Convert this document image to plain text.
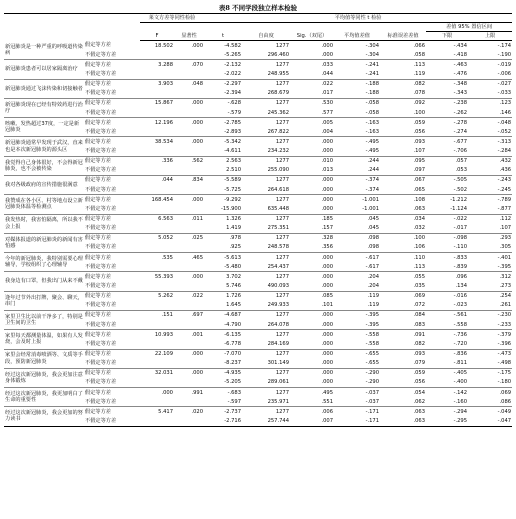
表8 不同学段独立样本检验
		莱文方差等同性检验		平均值等同性 t 检验						
									差值 95% 置信区间	
		F	显著性	t	自由度	Sig.（双尾）	平均值差值	标准误差差值	下限	上限
新冠肺炎是一种严重的呼吸道传染病	假定等方差	18.502	.000	-4.582	1277	.000	-.304	.066	-.434	-.174
	不假定等方差			-5.265	296.460	.000	-.304	.058	-.418	-.190
新冠肺炎患者可以居家隔离治疗	假定等方差	3.288	.070	-2.132	1277	.033	-.241	.113	-.463	-.019
	不假定等方差			-2.022	248.955	.044	-.241	.119	-.476	-.006
新冠肺炎通过飞沫传染和切接触者	假定等方差	3.903	.048	-2.297	1277	.022	-.188	.082	-.348	-.027
	不假定等方差			-2.394	268.679	.017	-.188	.078	-.343	-.033
新冠肺炎现在已经有特效药进行治疗	假定等方差	15.867	.000	-.628	1277	.530	-.058	.092	-.238	.123
	不假定等方差			-.579	245.362	.577	-.058	.100	-.262	.146
咳嗽、发热超过37度，一定是新冠肺炎	假定等方差	12.196	.000	-2.785	1277	.005	-.163	.059	-.278	-.048
	不假定等方差			-2.893	267.822	.004	-.163	.056	-.274	-.052
新冠肺炎通常早发现于武汉，直来也是本次新冠肺炎的源头区	假定等方差	38.534	.000	-5.342	1277	.000	-.495	.093	-.677	-.313
	不假定等方差			-4.611	234.232	.000	-.495	.107	-.706	-.284
我觉得自己身体很好，不会得新冠肺炎，也不会被传染	假定等方差	.336	.562	2.563	1277	.010	.244	.095	.057	.432
	不假定等方差			2.510	255.090	.013	.244	.097	.053	.436
我对各级政府的宣传措施很满意	假定等方差	.044	.834	-5.589	1277	.000	-.374	.067	-.505	-.243
	不假定等方差			-5.725	264.618	.000	-.374	.065	-.502	-.245
我赞成在各小区、村等地点设立新冠肺炎体温等检测点	假定等方差	168.454	.000	-9.292	1277	.000	-1.001	.108	-1.212	-.789
	不假定等方差			-15.900	635.448	.000	-1.001	.063	-1.124	-.877
我发热时，我害怕隔离，所以我不会上报	假定等方差	6.563	.011	1.326	1277	.185	.045	.034	-.022	.112
	不假定等方差			1.419	275.351	.157	.045	.032	-.017	.107
对媒体报道的新冠肺炎的新闻有害怕感	假定等方差	5.052	.025	.978	1277	.328	.098	.100	-.098	.293
	不假定等方差			.925	248.578	.356	.098	.106	-.110	.305
今年的新冠肺炎，我特别需要心理辅导，学校组织了心理辅导	假定等方差	.535	.465	-5.613	1277	.000	-.617	.110	-.833	-.401
	不假定等方差			-5.480	254.437	.000	-.617	.113	-.839	-.395
我身边有口罩，但我出门从来不戴	假定等方差	55.393	.000	3.702	1277	.000	.204	.055	.096	.312
	不假定等方差			5.746	490.093	.000	.204	.035	.134	.273
逢年过节外出打牌，聚会、聊天，串门	假定等方差	5.262	.022	1.726	1277	.085	.119	.069	-.016	.254
	不假定等方差			1.645	249.933	.101	.119	.072	-.023	.261
家里卫生比以前干净多了，特别是卫生间的卫生	假定等方差	.151	.697	-4.687	1277	.000	-.395	.084	-.561	-.230
	不假定等方差			-4.790	264.078	.000	-.395	.083	-.558	-.233
家里每天都测量体温，如果有人发烧，会及时上报	假定等方差	10.993	.001	-6.135	1277	.000	-.558	.091	-.736	-.379
	不假定等方差			-6.778	284.169	.000	-.558	.082	-.720	-.396
家里会经常消毒喷洒等、文质等手段，预防新冠肺炎	假定等方差	22.109	.000	-7.070	1277	.000	-.655	.093	-.836	-.473
	不假定等方差			-8.237	301.149	.000	-.655	.079	-.811	-.498
经过这次新冠肺炎，我会更加注意身体锻炼	假定等方差	32.031	.000	-4.935	1277	.000	-.290	.059	-.405	-.175
	不假定等方差			-5.205	289.061	.000	-.290	.056	-.400	-.180
经过这次新冠肺炎，我更加明白了生命的重要性	假定等方差	.000	.991	-.683	1277	.495	-.037	.054	-.142	.069
	不假定等方差			-.597	235.971	.551	-.037	.062	-.160	.086
经过这次新冠肺炎，我会更加的努力读书	假定等方差	5.417	.020	-2.737	1277	.006	-.171	.063	-.294	-.049
	不假定等方差			-2.716	257.744	.007	-.171	.063	-.295	-.047
